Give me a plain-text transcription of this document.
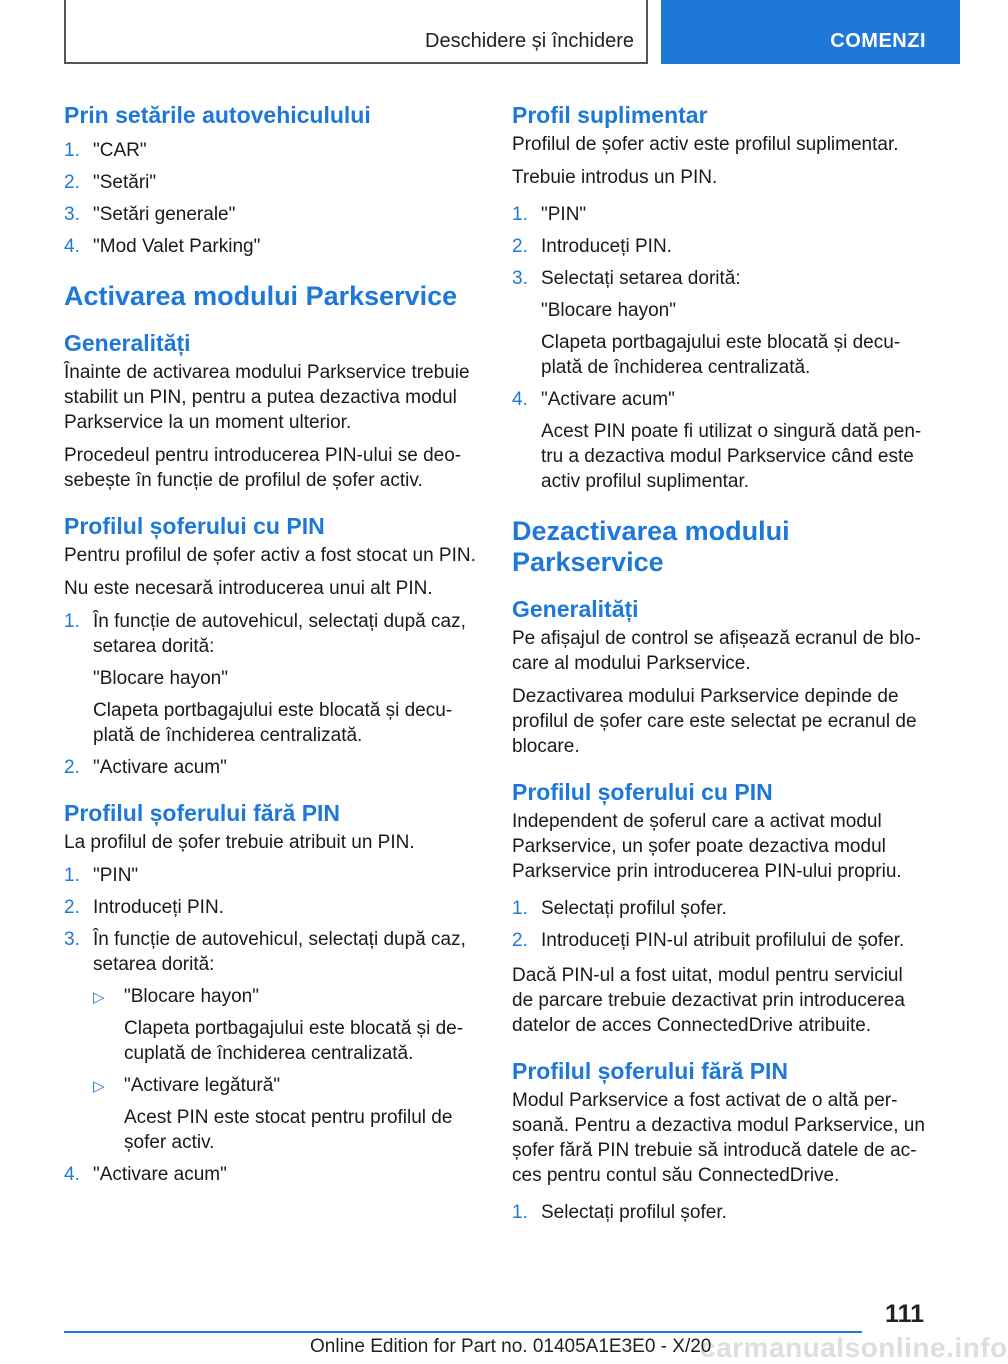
Deschidere și închidere	COMENZI
Prin setările autovehiculului
1. "CAR"
2. "Setări"
3. "Setări generale"
4. "Mod Valet Parking"
Activarea modului Parkservice
Generalități

Înainte de activarea modului Parkservice trebuie stabilit un PIN, pentru a putea dezactiva modul Parkservice la un moment ulterior.

Procedeul pentru introducerea PIN-ului se deosebește în funcție de profilul de șofer activ.

Profilul șoferului cu PIN

Pentru profilul de șofer activ a fost stocat un PIN.

Nu este necesară introducerea unui alt PIN.

1. În funcție de autovehicul, selectați după caz, setarea dorită:
"Blocare hayon"
Clapeta portbagajului este blocată și decuplată de închiderea centralizată.
2. "Activare acum"
Profilul șoferului fără PIN

La profilul de șofer trebuie atribuit un PIN.

1. "PIN"
2. Introduceți PIN.
3. În funcție de autovehicul, selectați după caz, setarea dorită:
▷ "Blocare hayon"
Clapeta portbagajului este blocată și decuplată de închiderea centralizată.
▷ "Activare legătură"
Acest PIN este stocat pentru profilul de șofer activ.
4. "Activare acum"
Profil suplimentar

Profilul de șofer activ este profilul suplimentar.

Trebuie introdus un PIN.

1. "PIN"
2. Introduceți PIN.
3. Selectați setarea dorită:
"Blocare hayon"
Clapeta portbagajului este blocată și decuplată de închiderea centralizată.
4. "Activare acum"
Acest PIN poate fi utilizat o singură dată pentru a dezactiva modul Parkservice când este activ profilul suplimentar.
Dezactivarea modului Parkservice
Generalități

Pe afișajul de control se afișează ecranul de blocare al modului Parkservice.

Dezactivarea modului Parkservice depinde de profilul de șofer care este selectat pe ecranul de blocare.

Profilul șoferului cu PIN

Independent de șoferul care a activat modul Parkservice, un șofer poate dezactiva modul Parkservice prin introducerea PIN-ului propriu.

1. Selectați profilul șofer.
2. Introduceți PIN-ul atribuit profilului de șofer.

Dacă PIN-ul a fost uitat, modul pentru serviciul de parcare trebuie dezactivat prin introducerea datelor de acces ConnectedDrive atribuite.

Profilul șoferului fără PIN

Modul Parkservice a fost activat de o altă persoană. Pentru a dezactiva modul Parkservice, un șofer fără PIN trebuie să introducă datele de acces pentru contul său ConnectedDrive.

1. Selectați profilul șofer.
111
carmanualsonline.info
Online Edition for Part no. 01405A1E3E0 - X/20
